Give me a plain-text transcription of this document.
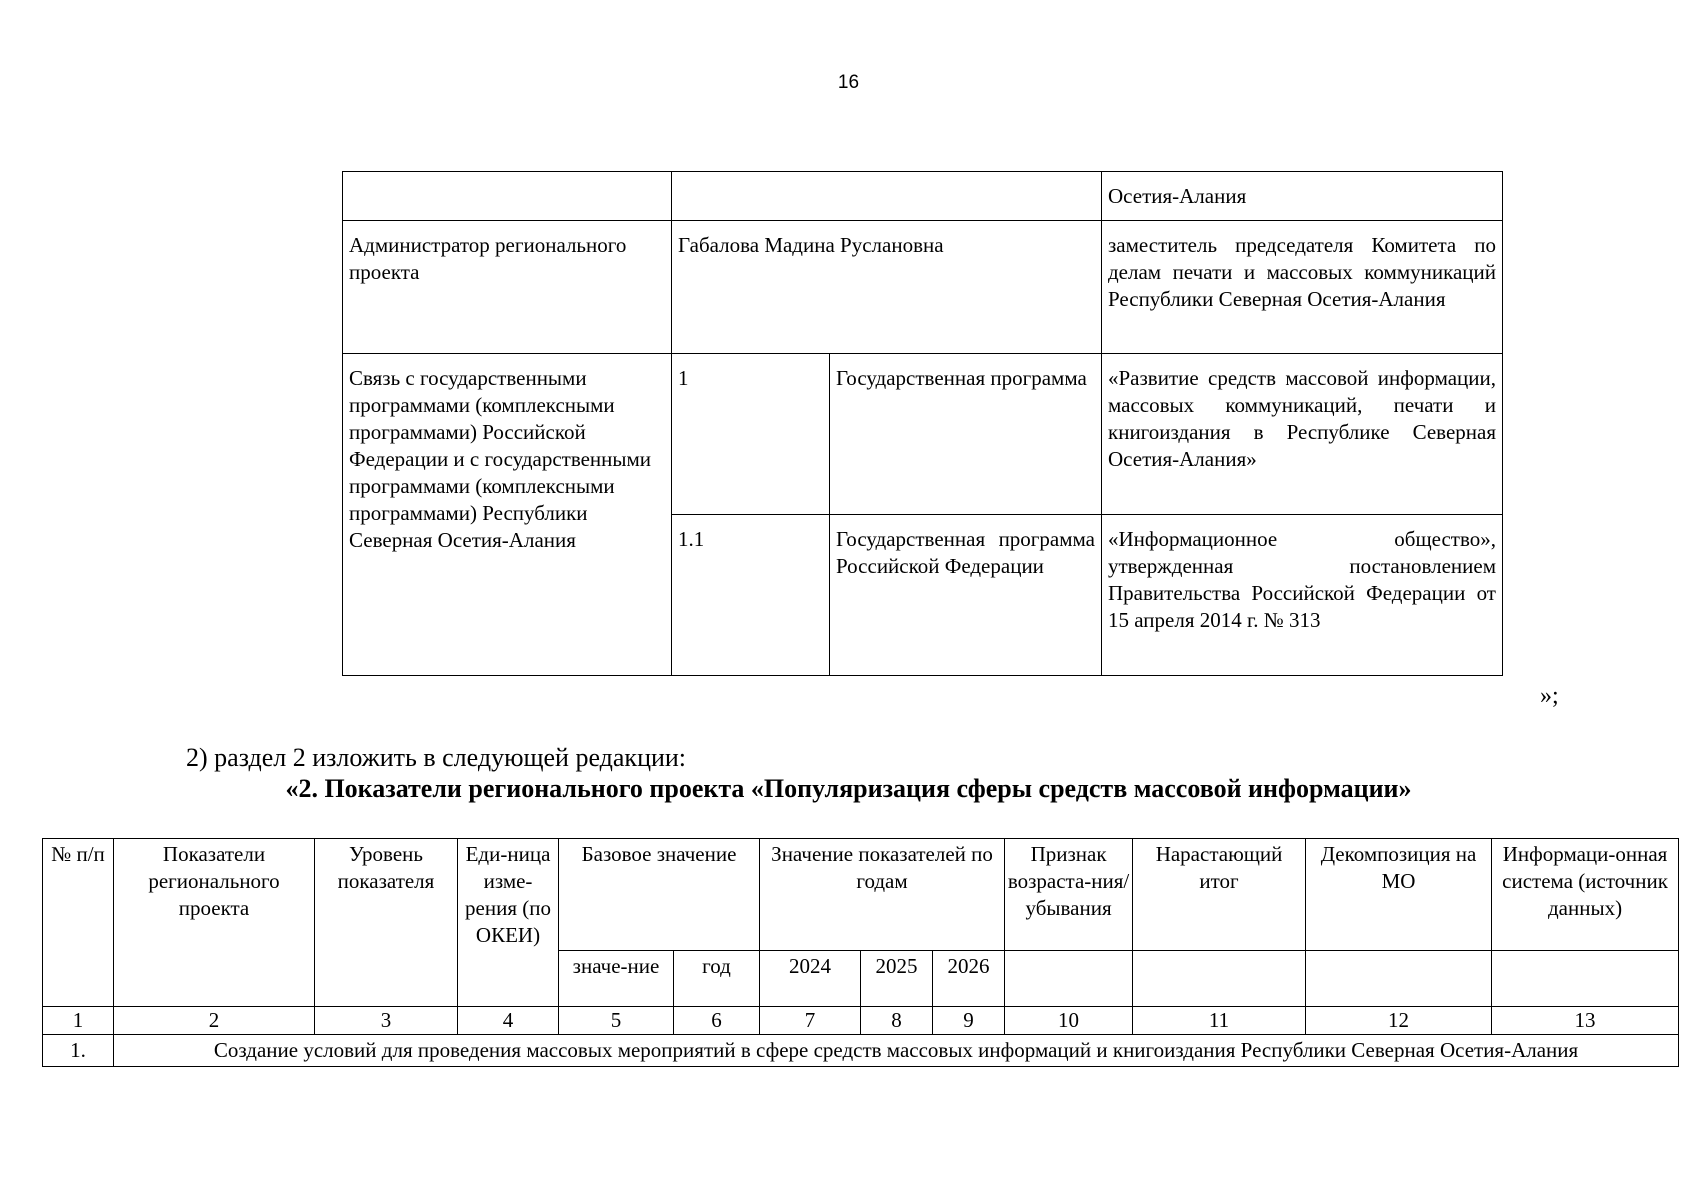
16
			Осетия-Алания
Администратор регионального проекта	Габалова Мадина Руслановна		заместитель председателя Комитета по делам печати и массовых коммуникаций Республики Северная Осетия-Алания
Связь с государственными программами (комплексными программами) Российской Федерации и с государственными программами (комплексными программами) Республики Северная Осетия-Алания	1	Государственная программа	«Развитие средств массовой информации, массовых коммуникаций, печати и книгоиздания в Республике Северная Осетия-Алания»
	1.1	Государственная программа Российской Федерации	«Информационное общество», утвержденная постановлением Правительства Российской Федерации от 15 апреля 2014 г. № 313
»;
2) раздел 2 изложить в следующей редакции:
«2. Показатели регионального проекта «Популяризация сферы средств массовой информации»
№ п/п	Показатели регионального проекта	Уровень показателя	Еди-ница изме-рения (по ОКЕИ)	Базовое значение		Значение показателей по годам			Признак возраста-ния/ убывания	Нарастающий итог	Декомпозиция на МО	Информаци-онная система (источник данных)
				значе-ние	год	2024	2025	2026				
1	2	3	4	5	6	7	8	9	10	11	12	13
1.	Создание условий для проведения массовых мероприятий в сфере средств массовых информаций и книгоиздания Республики Северная Осетия-Алания											
